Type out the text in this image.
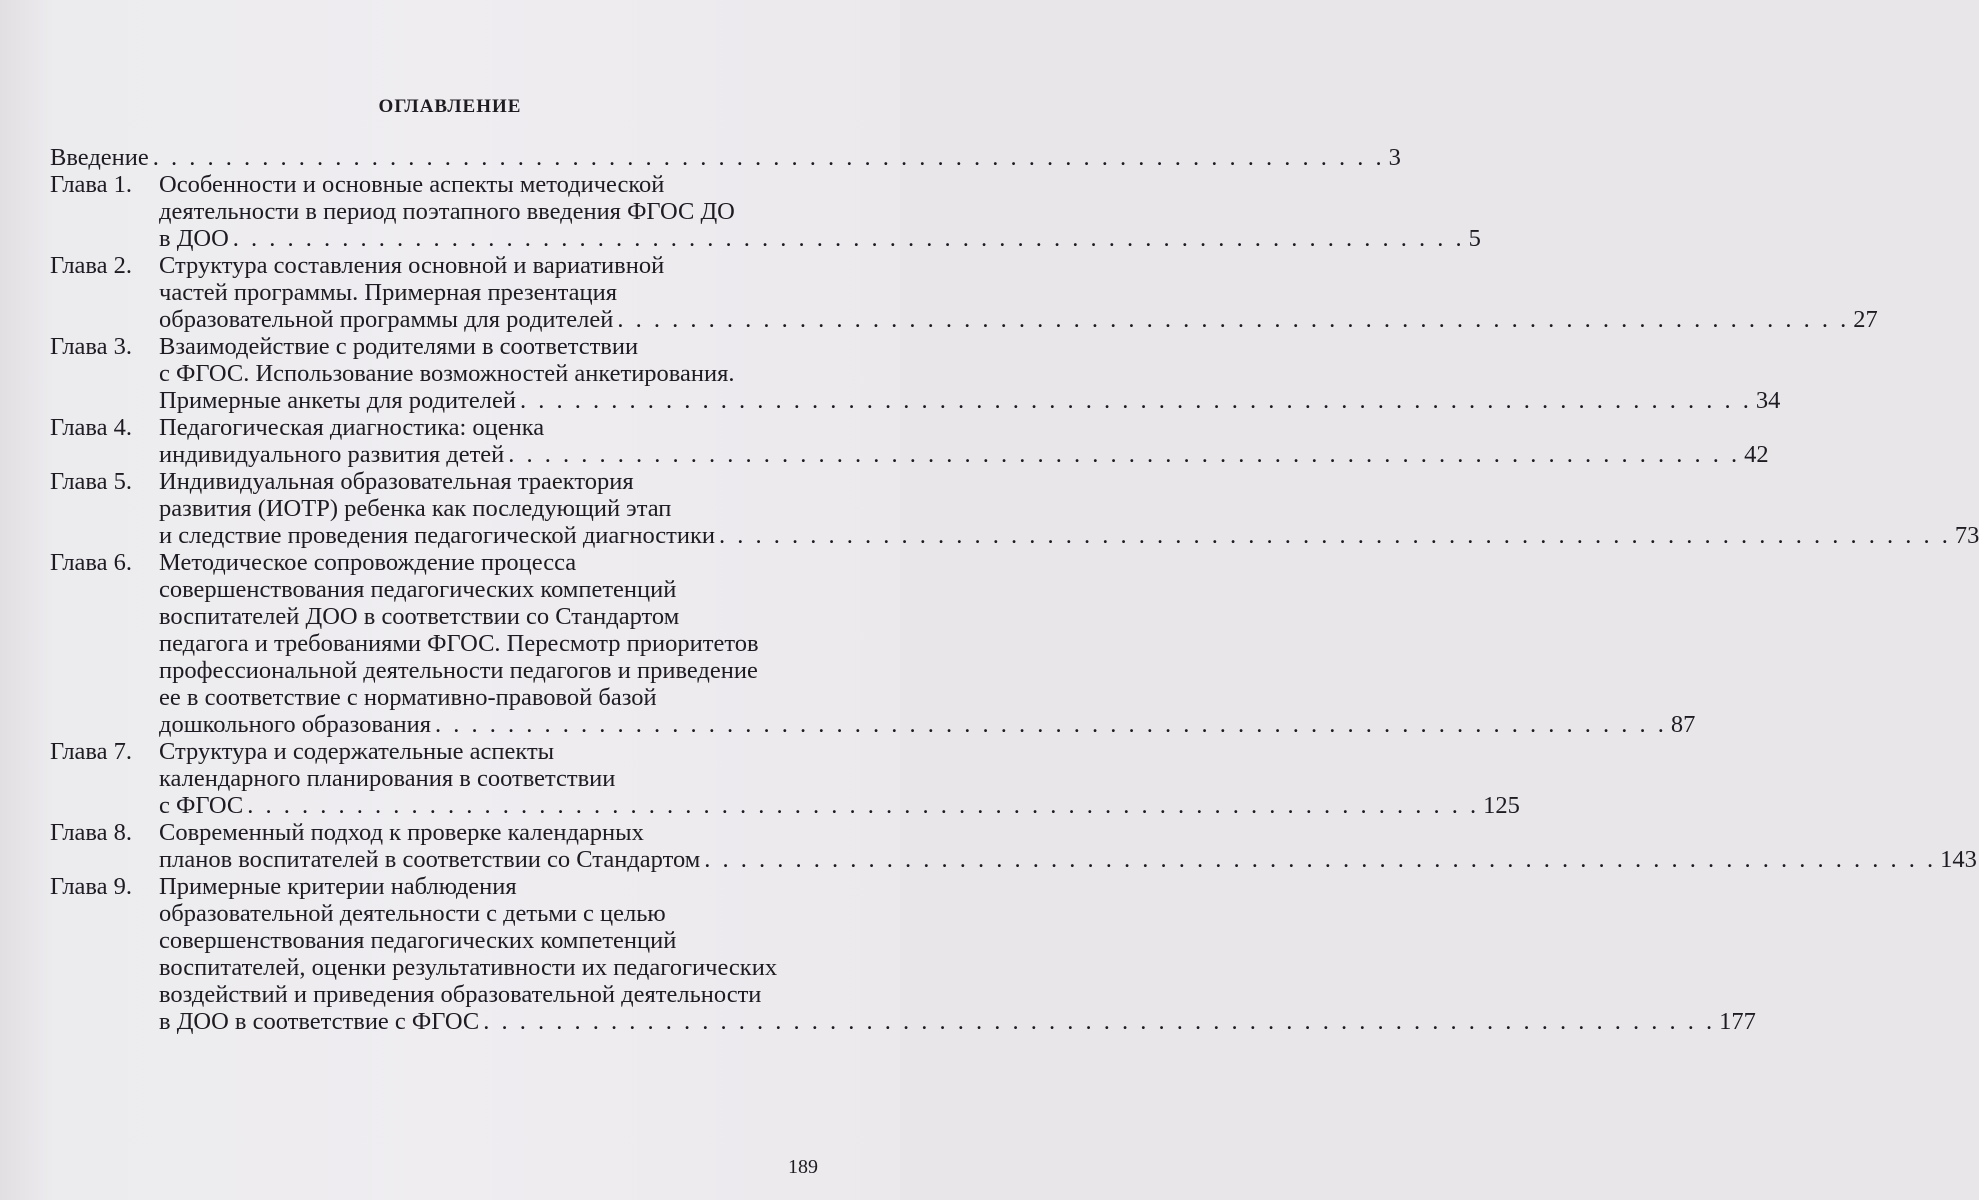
ОГЛАВЛЕНИЕ
Введение . . . . . . . . . . . . . . . . . . . . . . . . . . . . . . . . . . . . . . . . . . . . . . . . . . . . . . . . . . . . . . . . . . . . 3
Глава 1.	Особенности и основные аспекты методической
деятельности в период поэтапного введения ФГОС ДО
в ДОО . . . . . . . . . . . . . . . . . . . . . . . . . . . . . . . . . . . . . . . . . . . . . . . . . . . . . . . . . . . . . . . . . . . . 5
Глава 2.	Структура составления основной и вариативной
частей программы. Примерная презентация
образовательной программы для родителей . . . . . . . . . . . . . . . . . . . . . . . . . . . . . . . . . . . . . . . . . . . . . . . . . . . . . . . . . . . . . . . . . . . . 27
Глава 3.	Взаимодействие с родителями в соответствии
с ФГОС. Использование возможностей анкетирования.
Примерные анкеты для родителей . . . . . . . . . . . . . . . . . . . . . . . . . . . . . . . . . . . . . . . . . . . . . . . . . . . . . . . . . . . . . . . . . . . . 34
Глава 4.	Педагогическая диагностика: оценка
индивидуального развития детей . . . . . . . . . . . . . . . . . . . . . . . . . . . . . . . . . . . . . . . . . . . . . . . . . . . . . . . . . . . . . . . . . . . . 42
Глава 5.	Индивидуальная образовательная траектория
развития (ИОТР) ребенка как последующий этап
и следствие проведения педагогической диагностики . . . . . . . . . . . . . . . . . . . . . . . . . . . . . . . . . . . . . . . . . . . . . . . . . . . . . . . . . . . . . . . . . . . . 73
Глава 6.	Методическое сопровождение процесса
совершенствования педагогических компетенций
воспитателей ДОО в соответствии со Стандартом
педагога и требованиями ФГОС. Пересмотр приоритетов
профессиональной деятельности педагогов и приведение
ее в соответствие с нормативно-правовой базой
дошкольного образования . . . . . . . . . . . . . . . . . . . . . . . . . . . . . . . . . . . . . . . . . . . . . . . . . . . . . . . . . . . . . . . . . . . . 87
Глава 7.	Структура и содержательные аспекты
календарного планирования в соответствии
с ФГОС . . . . . . . . . . . . . . . . . . . . . . . . . . . . . . . . . . . . . . . . . . . . . . . . . . . . . . . . . . . . . . . . . . . . 125
Глава 8.	Современный подход к проверке календарных
планов воспитателей в соответствии со Стандартом . . . . . . . . . . . . . . . . . . . . . . . . . . . . . . . . . . . . . . . . . . . . . . . . . . . . . . . . . . . . . . . . . . . . 143
Глава 9.	Примерные критерии наблюдения
образовательной деятельности с детьми с целью
совершенствования педагогических компетенций
воспитателей, оценки результативности их педагогических
воздействий и приведения образовательной деятельности
в ДОО в соответствие с ФГОС . . . . . . . . . . . . . . . . . . . . . . . . . . . . . . . . . . . . . . . . . . . . . . . . . . . . . . . . . . . . . . . . . . . . 177
189
